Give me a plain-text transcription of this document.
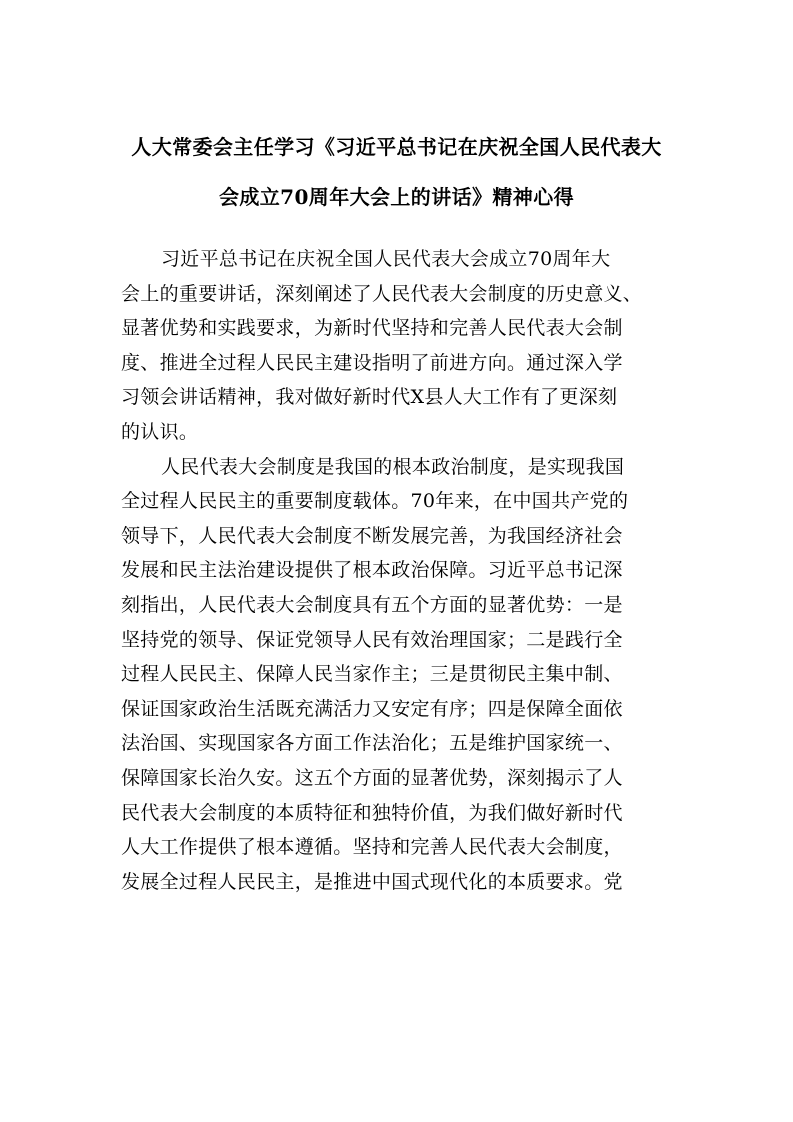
人大常委会主任学习《习近平总书记在庆祝全国人民代表大
会成立70周年大会上的讲话》精神心得
习近平总书记在庆祝全国人民代表大会成立70周年大
会上的重要讲话，深刻阐述了人民代表大会制度的历史意义、
显著优势和实践要求，为新时代坚持和完善人民代表大会制
度、推进全过程人民民主建设指明了前进方向。通过深入学
习领会讲话精神，我对做好新时代X县人大工作有了更深刻
的认识。
人民代表大会制度是我国的根本政治制度，是实现我国
全过程人民民主的重要制度载体。70年来，在中国共产党的
领导下，人民代表大会制度不断发展完善，为我国经济社会
发展和民主法治建设提供了根本政治保障。习近平总书记深
刻指出，人民代表大会制度具有五个方面的显著优势：一是
坚持党的领导、保证党领导人民有效治理国家；二是践行全
过程人民民主、保障人民当家作主；三是贯彻民主集中制、
保证国家政治生活既充满活力又安定有序；四是保障全面依
法治国、实现国家各方面工作法治化；五是维护国家统一、
保障国家长治久安。这五个方面的显著优势，深刻揭示了人
民代表大会制度的本质特征和独特价值，为我们做好新时代
人大工作提供了根本遵循。坚持和完善人民代表大会制度，
发展全过程人民民主，是推进中国式现代化的本质要求。党
